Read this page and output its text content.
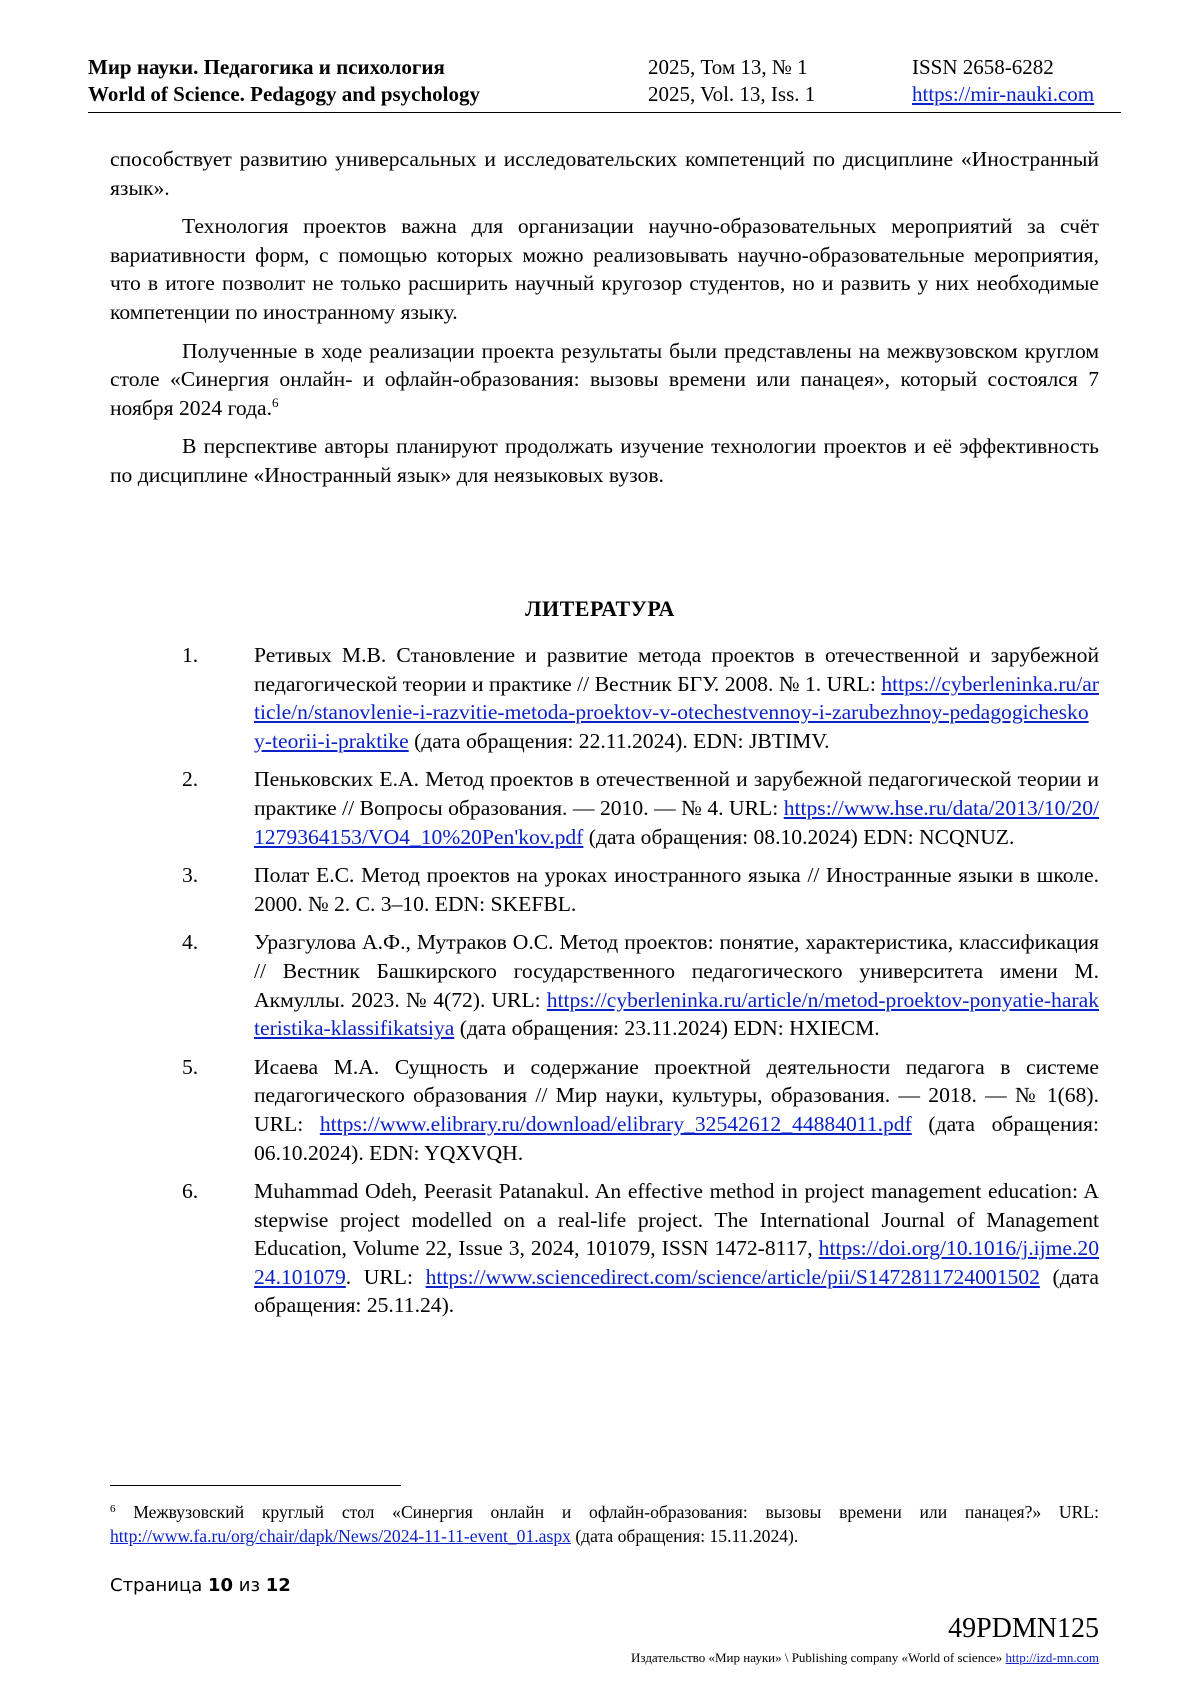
Мир науки. Педагогика и психология
World of Science. Pedagogy and psychology
2025, Том 13, № 1
2025, Vol. 13, Iss. 1
ISSN 2658-6282
https://mir-nauki.com

способствует развитию универсальных и исследовательских компетенций по дисциплине «Иностранный язык».

Технология проектов важна для организации научно-образовательных мероприятий за счёт вариативности форм, с помощью которых можно реализовывать научно-образовательные мероприятия, что в итоге позволит не только расширить научный кругозор студентов, но и развить у них необходимые компетенции по иностранному языку.

Полученные в ходе реализации проекта результаты были представлены на межвузовском круглом столе «Синергия онлайн- и офлайн-образования: вызовы времени или панацея», который состоялся 7 ноября 2024 года.$^6$

В перспективе авторы планируют продолжать изучение технологии проектов и её эффективность по дисциплине «Иностранный язык» для неязыковых вузов.

ЛИТЕРАТУРА
1.	Ретивых М.В. Становление и развитие метода проектов в отечественной и зарубежной педагогической теории и практике // Вестник БГУ. 2008. № 1. URL: https://cyberleninka.ru/article/n/stanovlenie-i-razvitie-metoda-proektov-v-otechestvennoy-i-zarubezhnoy-pedagogicheskoy-teorii-i-praktike (дата обращения: 22.11.2024). EDN: JBTIMV.
2.	Пеньковских Е.А. Метод проектов в отечественной и зарубежной педагогической теории и практике // Вопросы образования. — 2010. — № 4. URL: https://www.hse.ru/data/2013/10/20/1279364153/VO4_10%20Pen'kov.pdf (дата обращения: 08.10.2024) EDN: NCQNUZ.
3.	Полат Е.С. Метод проектов на уроках иностранного языка // Иностранные языки в школе. 2000. № 2. С. 3–10. EDN: SKEFBL.
4.	Уразгулова А.Ф., Мутраков О.С. Метод проектов: понятие, характеристика, классификация // Вестник Башкирского государственного педагогического университета имени М. Акмуллы. 2023. № 4(72). URL: https://cyberleninka.ru/article/n/metod-proektov-ponyatie-harakteristika-klassifikatsiya (дата обращения: 23.11.2024) EDN: HXIECM.
5.	Исаева М.А. Сущность и содержание проектной деятельности педагога в системе педагогического образования // Мир науки, культуры, образования. — 2018. — № 1(68). URL: https://www.elibrary.ru/download/elibrary_32542612_44884011.pdf (дата обращения: 06.10.2024). EDN: YQXVQH.
6.	Muhammad Odeh, Peerasit Patanakul. An effective method in project management education: A stepwise project modelled on a real-life project. The International Journal of Management Education, Volume 22, Issue 3, 2024, 101079, ISSN 1472-8117, https://doi.org/10.1016/j.ijme.2024.101079. URL: https://www.sciencedirect.com/science/article/pii/S1472811724001502 (дата обращения: 25.11.24).
$^6$ Межвузовский круглый стол «Синергия онлайн и офлайн-образования: вызовы времени или панацея?» URL: http://www.fa.ru/org/chair/dapk/News/2024-11-11-event_01.aspx (дата обращения: 15.11.2024).
Страница 10 из 12
49PDMN125
Издательство «Мир науки» \ Publishing company «World of science» http://izd-mn.com
